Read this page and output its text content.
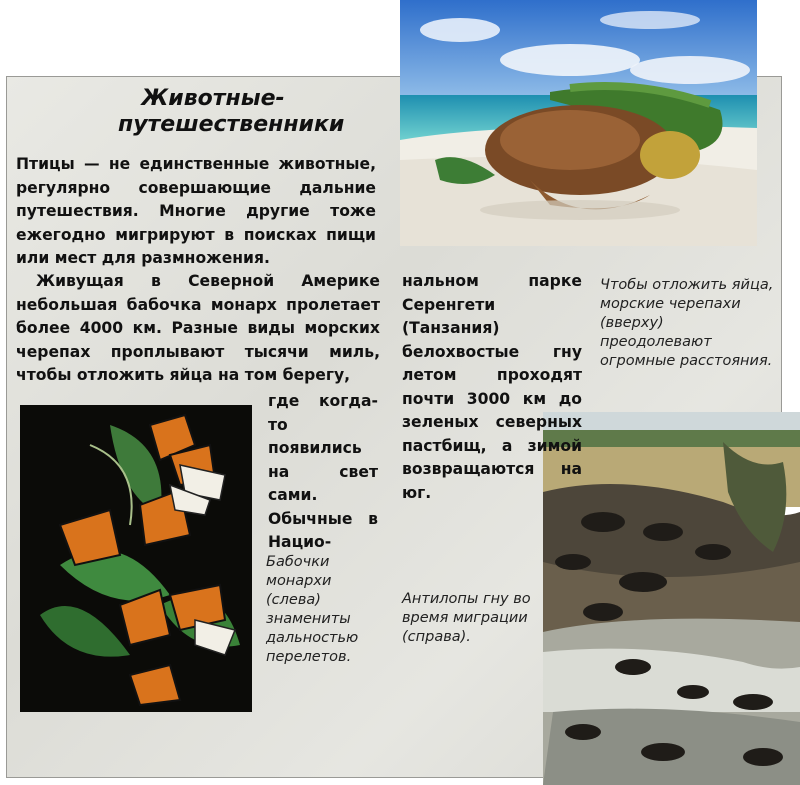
Животные-путешественники

Птицы — не единственные животные, регулярно совершающие дальние путешествия. Многие другие тоже ежегодно мигрируют в поисках пищи или мест для размножения.

Живущая в Северной Америке небольшая бабочка монарх пролетает более 4000 км. Разные виды морских черепах проплывают тысячи миль, чтобы отложить яйца на том берегу,

где когда-то появились на свет сами. Обычные в Нацио-
нальном парке Серенгети (Танзания) белохвостые гну летом проходят почти 3000 км до зеленых северных пастбищ, а зимой возвращаются на юг.
Чтобы отложить яйца, морские черепахи (вверху) преодолевают огромные расстояния.
Бабочки монархи (слева) знамениты дальностью перелетов.
Антилопы гну во время миграции (справа).
